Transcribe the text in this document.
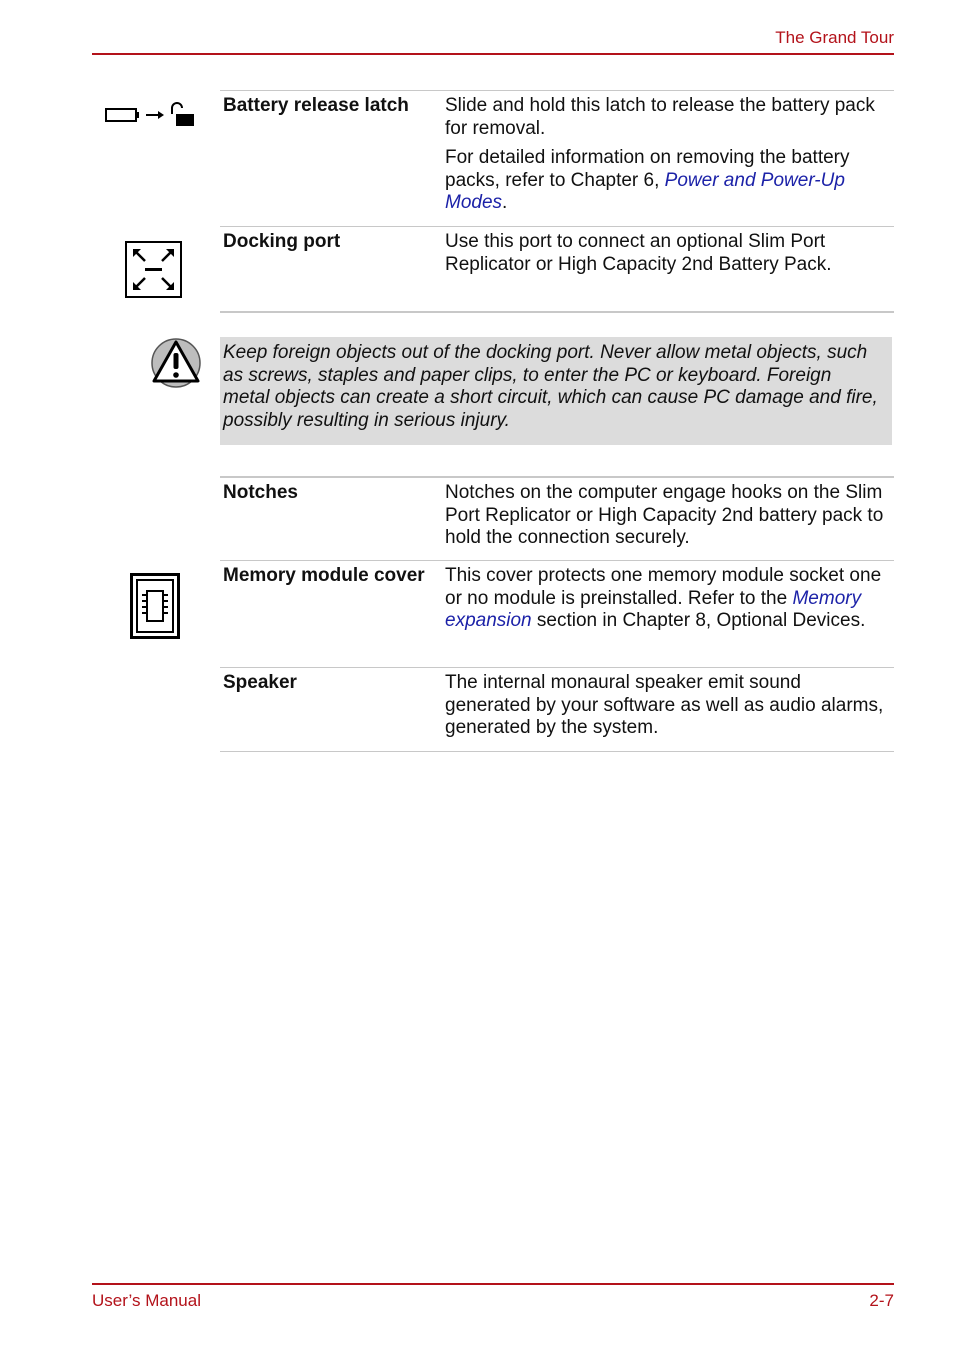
The Grand Tour
Battery release latch	Slide and hold this latch to release the battery pack for removal.

For detailed information on removing the battery packs, refer to Chapter 6, Power and Power-Up Modes.

Docking port	Use this port to connect an optional Slim Port Replicator or High Capacity 2nd Battery Pack.
Keep foreign objects out of the docking port. Never allow metal objects, such as screws, staples and paper clips, to enter the PC or keyboard. Foreign metal objects can create a short circuit, which can cause PC damage and fire, possibly resulting in serious injury.
Notches	Notches on the computer engage hooks on the Slim Port Replicator or High Capacity 2nd battery pack to hold the connection securely.
Memory module cover	This cover protects one memory module socket one or no module is preinstalled. Refer to the Memory expansion section in Chapter 8, Optional Devices.
Speaker	The internal monaural speaker emit sound generated by your software as well as audio alarms, generated by the system.
User’s Manual	2-7
